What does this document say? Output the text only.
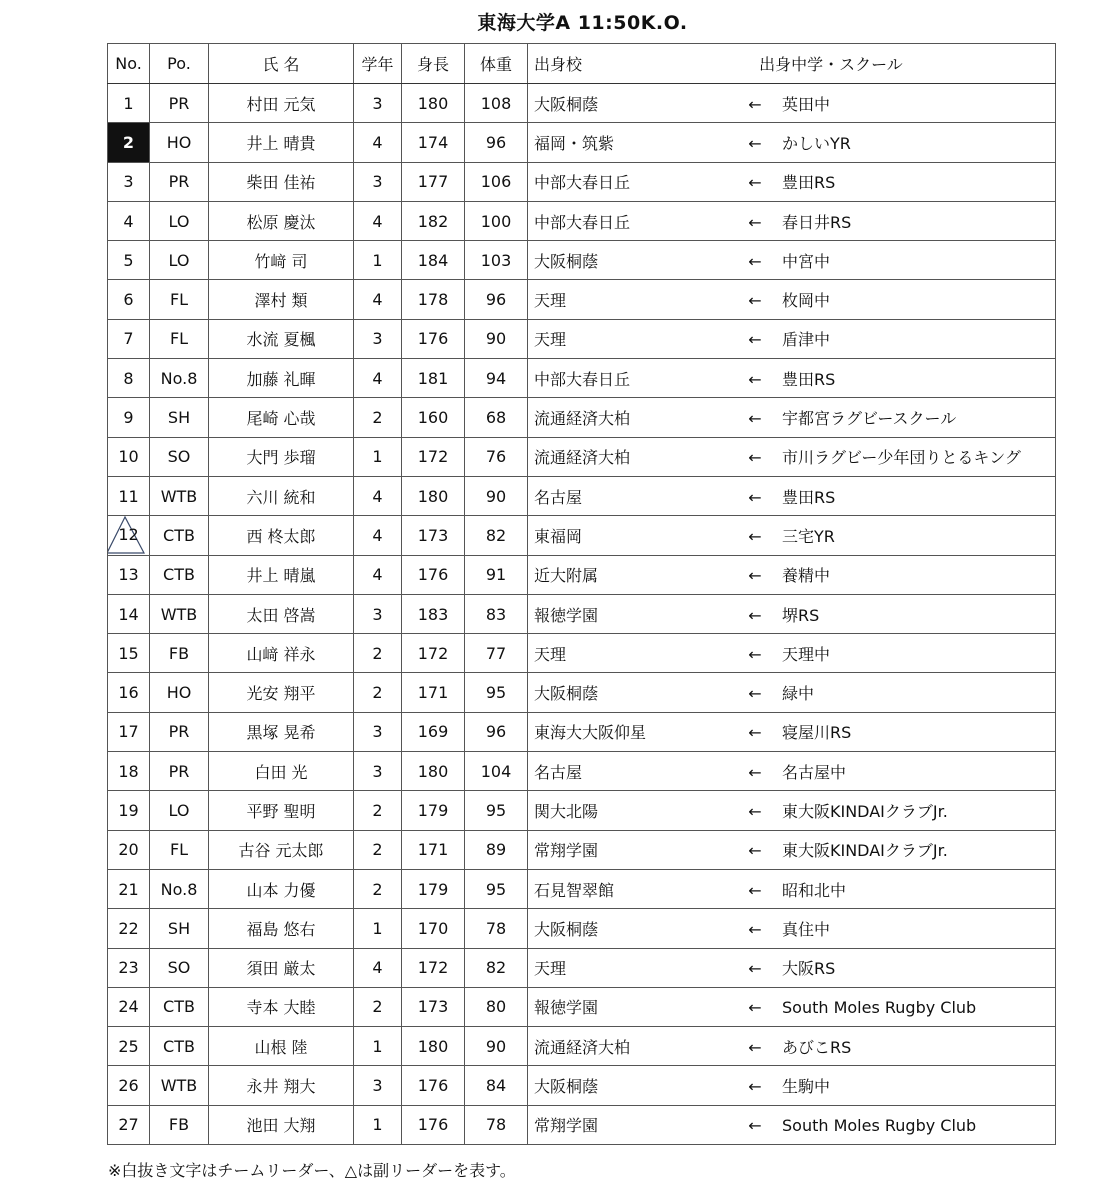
東海大学A 11:50K.O.
No.	Po.	氏 名	学年	身長	体重	出身校 出身中学・スクール
1	PR	村田 元気	3	180	108	大阪桐蔭 ← 英田中
2	HO	井上 晴貴	4	174	96	福岡・筑紫 ← かしいYR
3	PR	柴田 佳祐	3	177	106	中部大春日丘 ← 豊田RS
4	LO	松原 慶汰	4	182	100	中部大春日丘 ← 春日井RS
5	LO	竹﨑 司	1	184	103	大阪桐蔭 ← 中宮中
6	FL	澤村 類	4	178	96	天理 ← 枚岡中
7	FL	水流 夏楓	3	176	90	天理 ← 盾津中
8	No.8	加藤 礼暉	4	181	94	中部大春日丘 ← 豊田RS
9	SH	尾崎 心哉	2	160	68	流通経済大柏 ← 宇都宮ラグビースクール
10	SO	大門 歩瑠	1	172	76	流通経済大柏 ← 市川ラグビー少年団りとるキング
11	WTB	六川 統和	4	180	90	名古屋 ← 豊田RS

12	CTB	西 柊太郎	4	173	82	東福岡 ← 三宅YR
13	CTB	井上 晴嵐	4	176	91	近大附属 ← 養精中
14	WTB	太田 啓嵩	3	183	83	報徳学園 ← 堺RS
15	FB	山﨑 祥永	2	172	77	天理 ← 天理中
16	HO	光安 翔平	2	171	95	大阪桐蔭 ← 緑中
17	PR	黒塚 晃希	3	169	96	東海大大阪仰星 ← 寝屋川RS
18	PR	白田 光	3	180	104	名古屋 ← 名古屋中
19	LO	平野 聖明	2	179	95	関大北陽 ← 東大阪KINDAIクラブJr.
20	FL	古谷 元太郎	2	171	89	常翔学園 ← 東大阪KINDAIクラブJr.
21	No.8	山本 力優	2	179	95	石見智翠館 ← 昭和北中
22	SH	福島 悠右	1	170	78	大阪桐蔭 ← 真住中
23	SO	須田 厳太	4	172	82	天理 ← 大阪RS
24	CTB	寺本 大睦	2	173	80	報徳学園 ← South Moles Rugby Club
25	CTB	山根 陸	1	180	90	流通経済大柏 ← あびこRS
26	WTB	永井 翔大	3	176	84	大阪桐蔭 ← 生駒中
27	FB	池田 大翔	1	176	78	常翔学園 ← South Moles Rugby Club
※白抜き文字はチームリーダー、△は副リーダーを表す。
